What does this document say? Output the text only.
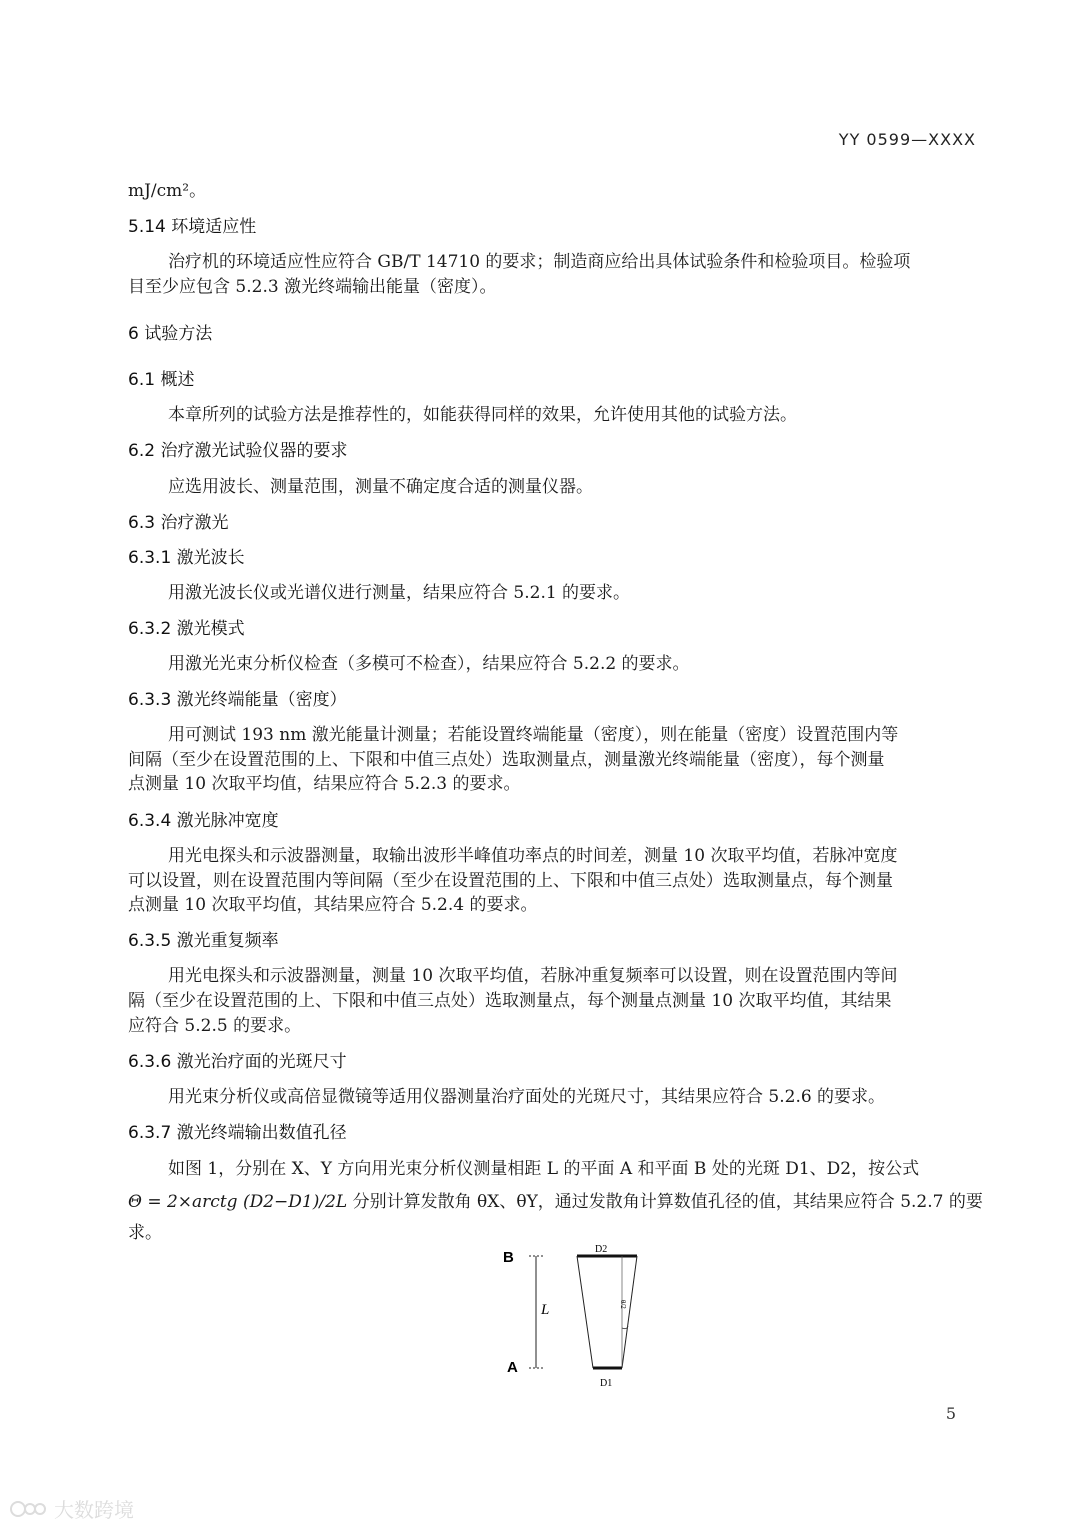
YY 0599—XXXX
mJ/cm²。
5.14 环境适应性
治疗机的环境适应性应符合 GB/T 14710 的要求；制造商应给出具体试验条件和检验项目。检验项
目至少应包含 5.2.3 激光终端输出能量（密度）。
6 试验方法
6.1 概述
本章所列的试验方法是推荐性的，如能获得同样的效果，允许使用其他的试验方法。
6.2 治疗激光试验仪器的要求
应选用波长、测量范围，测量不确定度合适的测量仪器。
6.3 治疗激光
6.3.1 激光波长
用激光波长仪或光谱仪进行测量，结果应符合 5.2.1 的要求。
6.3.2 激光模式
用激光光束分析仪检查（多模可不检查），结果应符合 5.2.2 的要求。
6.3.3 激光终端能量（密度）
用可测试 193 nm 激光能量计测量；若能设置终端能量（密度），则在能量（密度）设置范围内等
间隔（至少在设置范围的上、下限和中值三点处）选取测量点，测量激光终端能量（密度），每个测量
点测量 10 次取平均值，结果应符合 5.2.3 的要求。
6.3.4 激光脉冲宽度
用光电探头和示波器测量，取输出波形半峰值功率点的时间差，测量 10 次取平均值，若脉冲宽度
可以设置，则在设置范围内等间隔（至少在设置范围的上、下限和中值三点处）选取测量点，每个测量
点测量 10 次取平均值，其结果应符合 5.2.4 的要求。
6.3.5 激光重复频率
用光电探头和示波器测量，测量 10 次取平均值，若脉冲重复频率可以设置，则在设置范围内等间
隔（至少在设置范围的上、下限和中值三点处）选取测量点，每个测量点测量 10 次取平均值，其结果
应符合 5.2.5 的要求。
6.3.6 激光治疗面的光斑尺寸
用光束分析仪或高倍显微镜等适用仪器测量治疗面处的光斑尺寸，其结果应符合 5.2.6 的要求。
6.3.7 激光终端输出数值孔径
如图 1，分别在 X、Y 方向用光束分析仪测量相距 L 的平面 A 和平面 B 处的光斑 D1、D2，按公式
Θ = 2×arctg (D2−D1)/2L 分别计算发散角 θX、θY，通过发散角计算数值孔径的值，其结果应符合 5.2.7 的要
求。
B
A
L
D2
θ/2
D1
5
大数跨境
